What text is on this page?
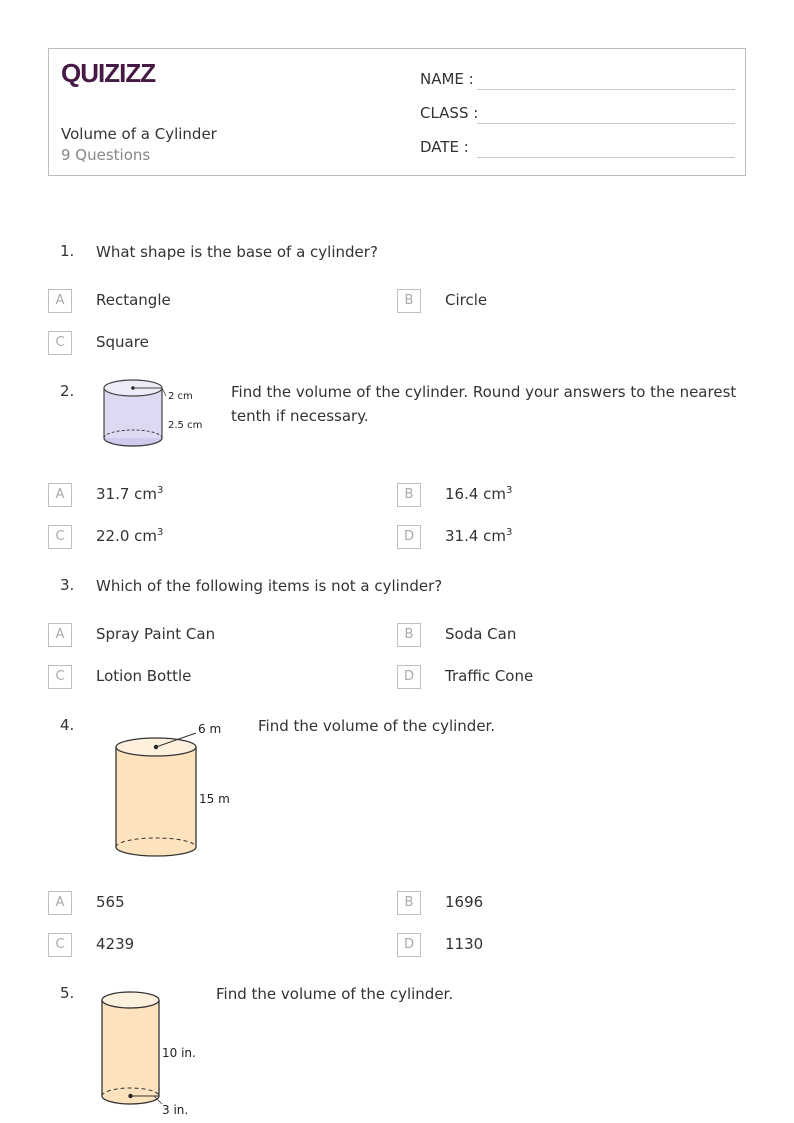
QUIZIZZ
Volume of a Cylinder
9 Questions
NAME :
CLASS :
DATE :
1. What shape is the base of a cylinder?
A	Rectangle	B	Circle
C	Square
2.	2 cm
2.5 cm
Find the volume of the cylinder. Round your answers to the nearest tenth if necessary.
A	31.7 $cm^3$	B	16.4 $cm^3$
C	22.0 $cm^3$	D	31.4 $cm^3$
3. Which of the following items is not a cylinder?
A	Spray Paint Can	B	Soda Can
C	Lotion Bottle	D	Traffic Cone
4.	6 m
15 m
Find the volume of the cylinder.
A	565	B	1696
C	4239	D	1130
5.
10 in.
3 in.
Find the volume of the cylinder.
